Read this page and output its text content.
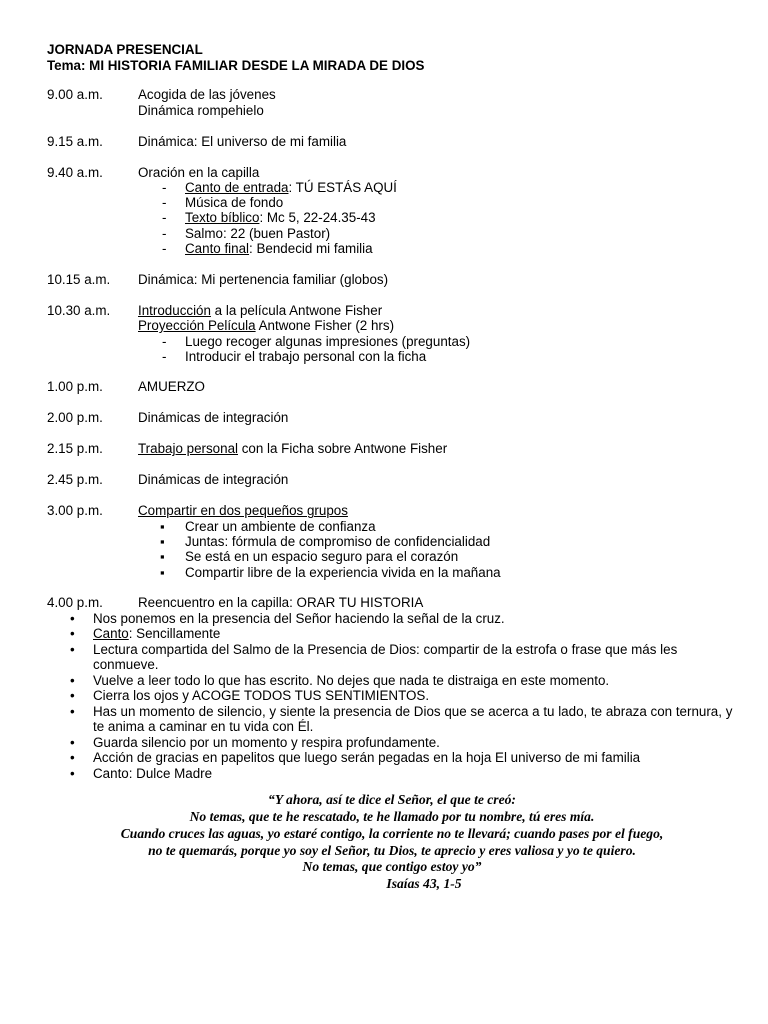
JORNADA PRESENCIAL
Tema: MI HISTORIA FAMILIAR DESDE LA MIRADA DE DIOS
9.00 a.m.	Acogida de las jóvenes
Dinámica rompehielo
9.15 a.m.	Dinámica: El universo de mi familia
9.40 a.m.	Oración en la capilla
- Canto de entrada: TÚ ESTÁS AQUÍ
- Música de fondo
- Texto bíblico: Mc 5, 22-24.35-43
- Salmo: 22 (buen Pastor)
- Canto final: Bendecid mi familia
10.15 a.m.	Dinámica: Mi pertenencia familiar (globos)
10.30 a.m.	Introducción a la película Antwone Fisher
Proyección Película Antwone Fisher (2 hrs)
- Luego recoger algunas impresiones (preguntas)
- Introducir el trabajo personal con la ficha
1.00 p.m.	AMUERZO
2.00 p.m.	Dinámicas de integración
2.15 p.m.	Trabajo personal con la Ficha sobre Antwone Fisher
2.45 p.m.	Dinámicas de integración
3.00 p.m.	Compartir en dos pequeños grupos
▪ Crear un ambiente de confianza
▪ Juntas: fórmula de compromiso de confidencialidad
▪ Se está en un espacio seguro para el corazón
▪ Compartir libre de la experiencia vivida en la mañana
4.00 p.m.	Reencuentro en la capilla: ORAR TU HISTORIA
• Nos ponemos en la presencia del Señor haciendo la señal de la cruz.
• Canto: Sencillamente
• Lectura compartida del Salmo de la Presencia de Dios: compartir de la estrofa o frase que más les conmueve.
• Vuelve a leer todo lo que has escrito. No dejes que nada te distraiga en este momento.
• Cierra los ojos y ACOGE TODOS TUS SENTIMIENTOS.
• Has un momento de silencio, y siente la presencia de Dios que se acerca a tu lado, te abraza con ternura, y te anima a caminar en tu vida con Él.
• Guarda silencio por un momento y respira profundamente.
• Acción de gracias en papelitos que luego serán pegadas en la hoja El universo de mi familia
• Canto: Dulce Madre
“Y ahora, así te dice el Señor, el que te creó:
No temas, que te he rescatado, te he llamado por tu nombre, tú eres mía.
Cuando cruces las aguas, yo estaré contigo, la corriente no te llevará; cuando pases por el fuego,
no te quemarás, porque yo soy el Señor, tu Dios, te aprecio y eres valiosa y yo te quiero.
No temas, que contigo estoy yo”
Isaías 43, 1-5
